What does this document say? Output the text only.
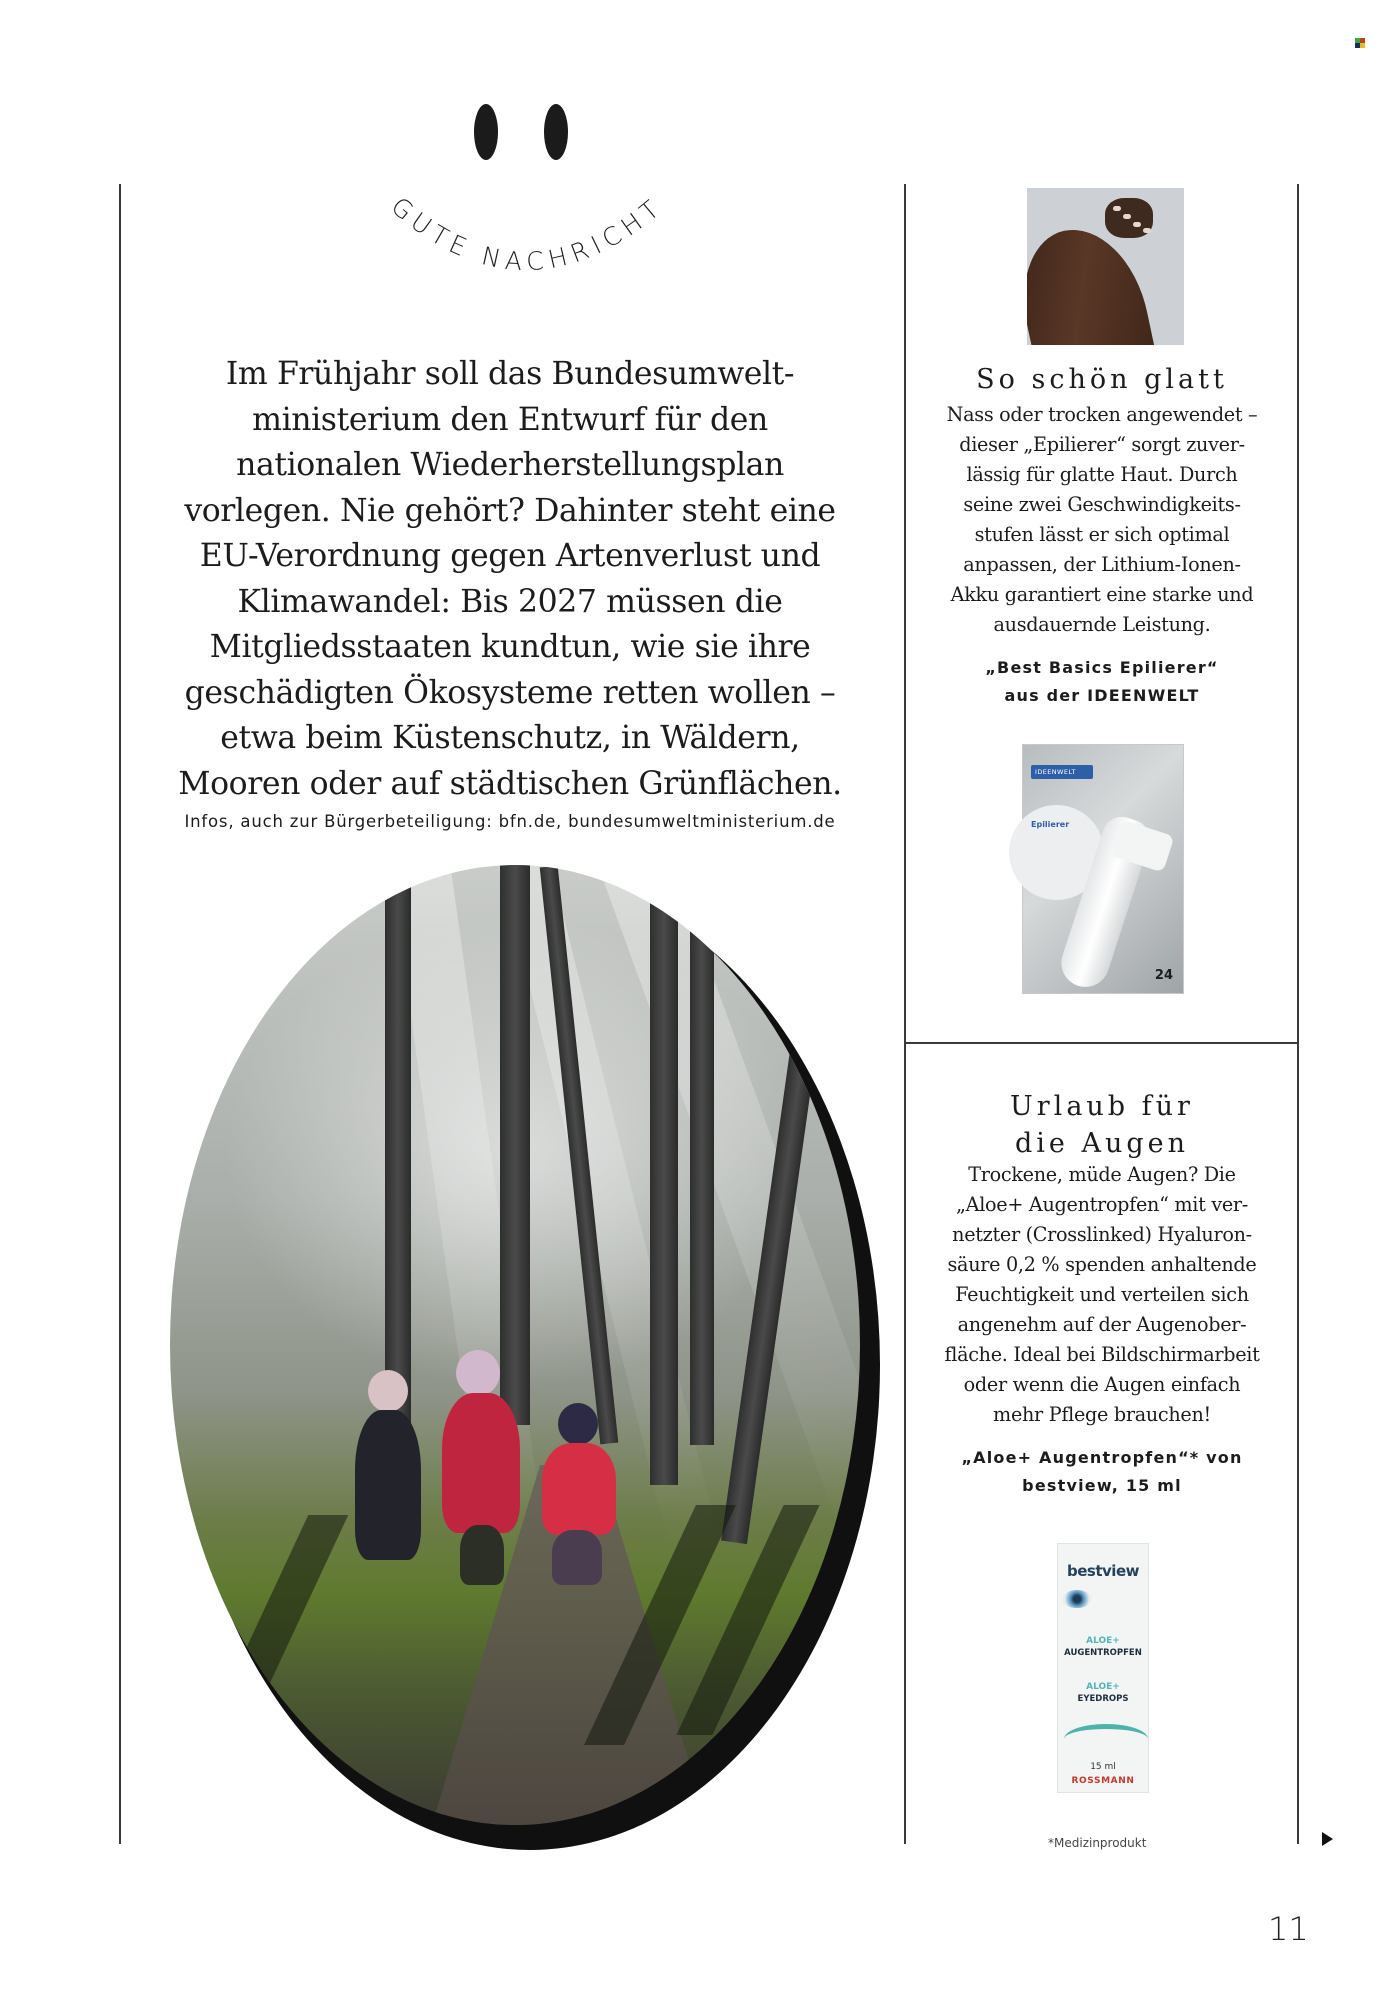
GUTE NACHRICHT
Im Frühjahr soll das Bundesumwelt-
ministerium den Entwurf für den
nationalen Wiederherstellungsplan
vorlegen. Nie gehört? Dahinter steht eine
EU-Verordnung gegen Artenverlust und
Klimawandel: Bis 2027 müssen die
Mitgliedsstaaten kundtun, wie sie ihre
geschädigten Ökosysteme retten wollen –
etwa beim Küstenschutz, in Wäldern,
Mooren oder auf städtischen Grünflächen.
Infos, auch zur Bürgerbeteiligung: bfn.de, bundesumweltministerium.de
So schön glatt
Nass oder trocken angewendet –
dieser „Epilierer“ sorgt zuver-
lässig für glatte Haut. Durch
seine zwei Geschwindigkeits-
stufen lässt er sich optimal
anpassen, der Lithium-Ionen-
Akku garantiert eine starke und
ausdauernde Leistung.
„Best Basics Epilierer“
aus der IDEENWELT
IDEENWELT
Epilierer
24
Urlaub für
die Augen
Trockene, müde Augen? Die
„Aloe+ Augentropfen“ mit ver-
netzter (Crosslinked) Hyaluron-
säure 0,2 % spenden anhaltende
Feuchtigkeit und verteilen sich
angenehm auf der Augenober-
fläche. Ideal bei Bildschirmarbeit
oder wenn die Augen einfach
mehr Pflege brauchen!
„Aloe+ Augentropfen“* von
bestview, 15 ml
bestview
ALOE+
AUGENTROPFEN
ALOE+
EYEDROPS
15 ml
ROSSMANN
*Medizinprodukt
11
